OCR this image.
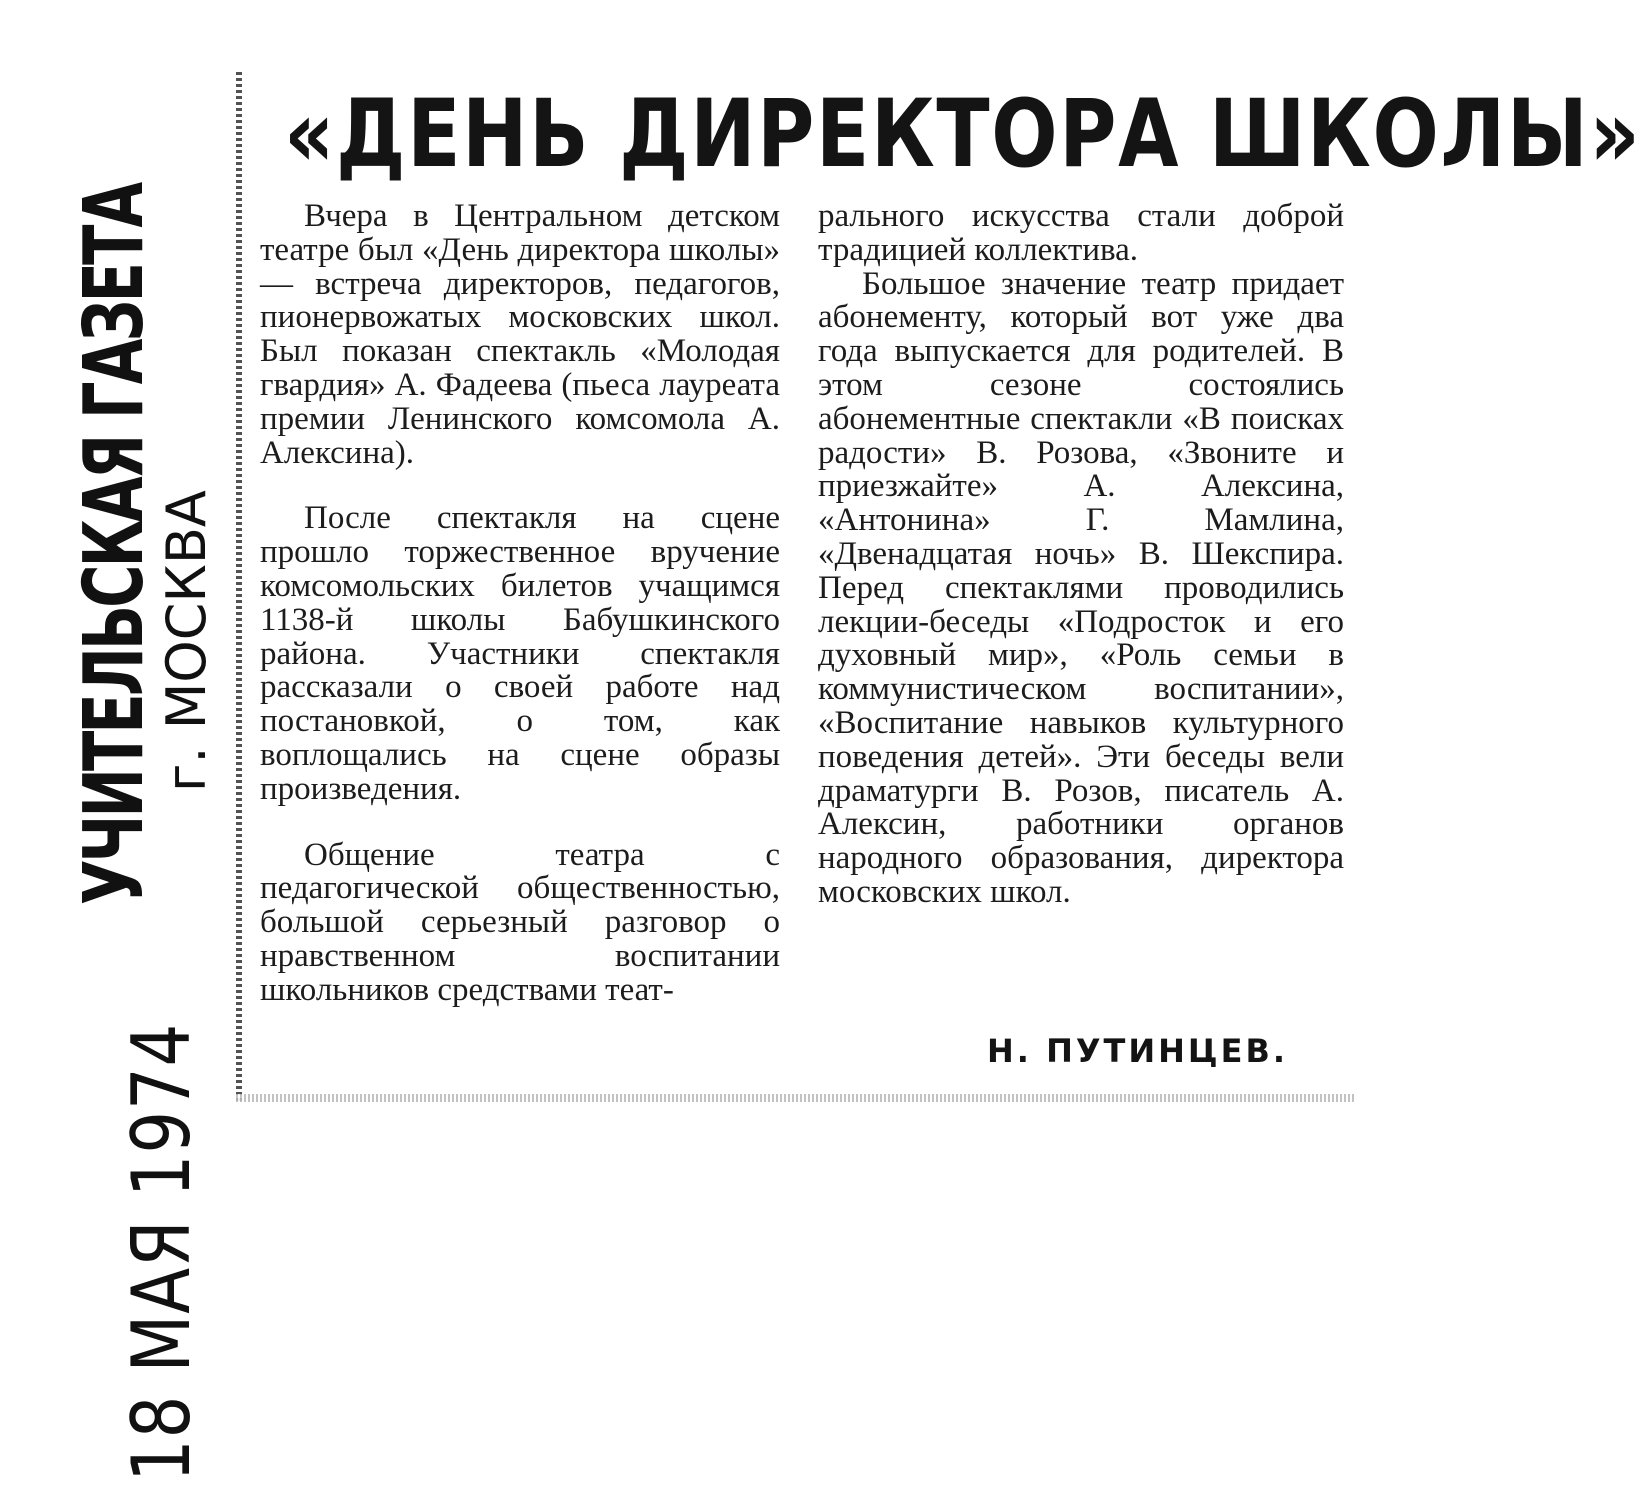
УЧИТЕЛЬСКАЯ ГАЗЕТА
г. МОСКВА
18 МАЯ 1974
«ДЕНЬ ДИРЕКТОРА ШКОЛЫ»

Вчера в Центральном детском театре был «День директора школы» — встреча директоров, педагогов, пионервожатых московских школ. Был показан спектакль «Молодая гвардия» А. Фадеева (пьеса лауреата премии Ленинского комсомола А. Алексина).

После спектакля на сцене прошло торжественное вручение комсомольских билетов учащимся 1138-й школы Бабушкинского района. Участники спектакля рассказали о своей работе над постановкой, о том, как воплощались на сцене образы произведения.

Общение театра с педагогической общественностью, большой серьезный разговор о нравственном воспитании школьников средствами теат-

рального искусства стали доброй традицией коллектива.

Большое значение театр придает абонементу, который вот уже два года выпускается для родителей. В этом сезоне состоялись абонементные спектакли «В поисках радости» В. Розова, «Звоните и приезжайте» А. Алексина, «Антонина» Г. Мамлина, «Двенадцатая ночь» В. Шекспира. Перед спектаклями проводились лекции-беседы «Подросток и его духовный мир», «Роль семьи в коммунистическом воспитании», «Воспитание навыков культурного поведения детей». Эти беседы вели драматурги В. Розов, писатель А. Алексин, работники органов народного образования, директора московских школ.

Н. ПУТИНЦЕВ.
